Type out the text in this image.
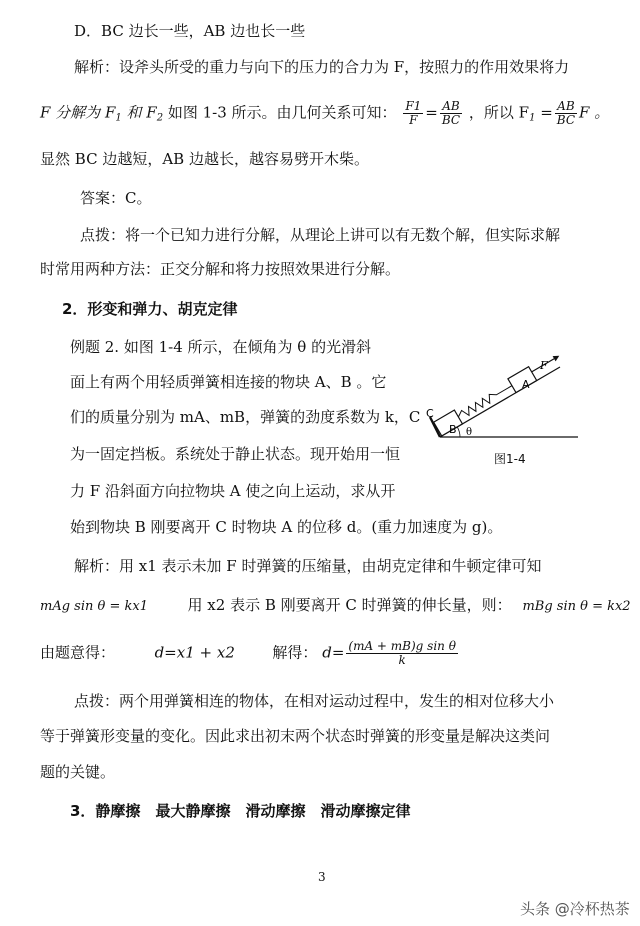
D．BC 边长一些，AB 边也长一些
解析：设斧头所受的重力与向下的压力的合力为 F，按照力的作用效果将力
F 分解为 $F_1$ 和 $F_2$ 如图 1-3 所示。由几何关系可知： $\frac{F1}{F} = \frac{AB}{BC}$ ，所以 $F_1 = \frac{AB}{BC}$ F 。
显然 BC 边越短，AB 边越长，越容易劈开木柴。
答案：C。
点拨：将一个已知力进行分解，从理论上讲可以有无数个解，但实际求解
时常用两种方法：正交分解和将力按照效果进行分解。
2．形变和弹力、胡克定律
例题 2. 如图 1-4 所示，在倾角为 θ 的光滑斜
面上有两个用轻质弹簧相连接的物块 A、B 。它
们的质量分别为 mA、mB，弹簧的劲度系数为 k，C
为一固定挡板。系统处于静止状态。现开始用一恒
力 F 沿斜面方向拉物块 A 使之向上运动，求从开
始到物块 B 刚要离开 C 时物块 A 的位移 d。(重力加速度为 g)。
C
B
A
F
θ
图1-4
解析：用 x1 表示未加 F 时弹簧的压缩量，由胡克定律和牛顿定律可知
mAg sin θ = kx1	用 x2 表示 B 刚要离开 C 时弹簧的伸长量，则： mBg sin θ = kx2
由题意得：	d=x1 + x2	解得： $d= \frac{\text{(mA + mB)g sin θ}}{k}$
点拨：两个用弹簧相连的物体，在相对运动过程中，发生的相对位移大小
等于弹簧形变量的变化。因此求出初末两个状态时弹簧的形变量是解决这类问
题的关键。
3．静摩擦　最大静摩擦　滑动摩擦　滑动摩擦定律
3
头条 @冷杯热茶
